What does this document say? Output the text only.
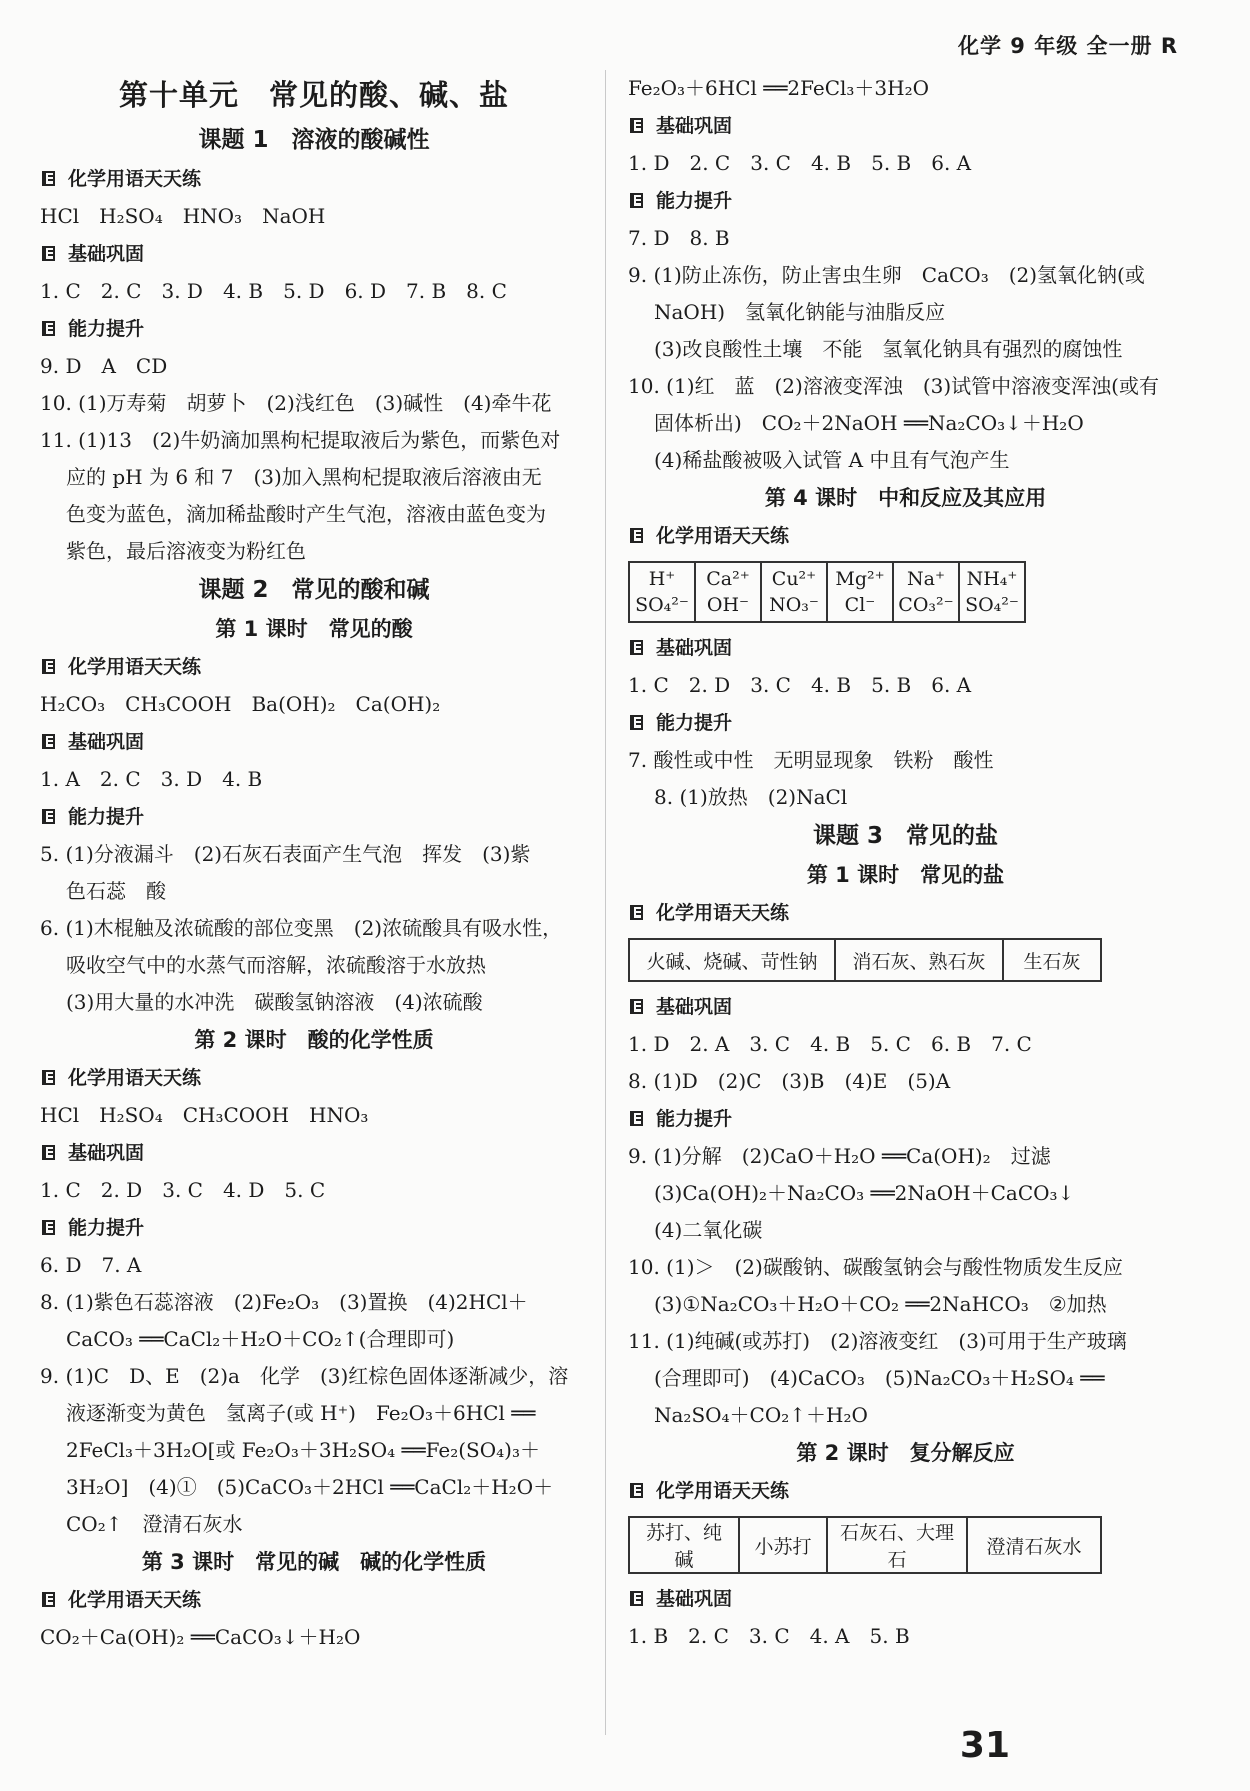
化学 9 年级 全一册 R
第十单元　常见的酸、碱、盐
课题 1　溶液的酸碱性
化学用语天天练
HCl　H₂SO₄　HNO₃　NaOH
基础巩固
1. C　2. C　3. D　4. B　5. D　6. D　7. B　8. C
能力提升
9. D　A　CD
10. (1)万寿菊　胡萝卜　(2)浅红色　(3)碱性　(4)牵牛花
11. (1)13　(2)牛奶滴加黑枸杞提取液后为紫色，而紫色对
应的 pH 为 6 和 7　(3)加入黑枸杞提取液后溶液由无
色变为蓝色，滴加稀盐酸时产生气泡，溶液由蓝色变为
紫色，最后溶液变为粉红色
课题 2　常见的酸和碱
第 1 课时　常见的酸
化学用语天天练
H₂CO₃　CH₃COOH　Ba(OH)₂　Ca(OH)₂
基础巩固
1. A　2. C　3. D　4. B
能力提升
5. (1)分液漏斗　(2)石灰石表面产生气泡　挥发　(3)紫
色石蕊　酸
6. (1)木棍触及浓硫酸的部位变黑　(2)浓硫酸具有吸水性，
吸收空气中的水蒸气而溶解，浓硫酸溶于水放热
(3)用大量的水冲洗　碳酸氢钠溶液　(4)浓硫酸
第 2 课时　酸的化学性质
化学用语天天练
HCl　H₂SO₄　CH₃COOH　HNO₃
基础巩固
1. C　2. D　3. C　4. D　5. C
能力提升
6. D　7. A
8. (1)紫色石蕊溶液　(2)Fe₂O₃　(3)置换　(4)2HCl＋
CaCO₃ ══CaCl₂＋H₂O＋CO₂↑(合理即可)
9. (1)C　D、E　(2)a　化学　(3)红棕色固体逐渐减少，溶
液逐渐变为黄色　氢离子(或 H⁺)　Fe₂O₃＋6HCl ══
2FeCl₃＋3H₂O[或 Fe₂O₃＋3H₂SO₄ ══Fe₂(SO₄)₃＋
3H₂O]　(4)①　(5)CaCO₃＋2HCl ══CaCl₂＋H₂O＋
CO₂↑　澄清石灰水
第 3 课时　常见的碱　碱的化学性质
化学用语天天练
CO₂＋Ca(OH)₂ ══CaCO₃↓＋H₂O
Fe₂O₃＋6HCl ══2FeCl₃＋3H₂O
基础巩固
1. D　2. C　3. C　4. B　5. B　6. A
能力提升
7. D　8. B
9. (1)防止冻伤，防止害虫生卵　CaCO₃　(2)氢氧化钠(或
NaOH)　氢氧化钠能与油脂反应
(3)改良酸性土壤　不能　氢氧化钠具有强烈的腐蚀性
10. (1)红　蓝　(2)溶液变浑浊　(3)试管中溶液变浑浊(或有
固体析出)　CO₂＋2NaOH ══Na₂CO₃↓＋H₂O
(4)稀盐酸被吸入试管 A 中且有气泡产生
第 4 课时　中和反应及其应用
化学用语天天练
H⁺
SO₄²⁻

Ca²⁺
OH⁻

Cu²⁺
NO₃⁻

Mg²⁺
Cl⁻

Na⁺
CO₃²⁻

NH₄⁺
SO₄²⁻
基础巩固
1. C　2. D　3. C　4. B　5. B　6. A
能力提升
7. 酸性或中性　无明显现象　铁粉　酸性
8. (1)放热　(2)NaCl
课题 3　常见的盐
第 1 课时　常见的盐
化学用语天天练
火碱、烧碱、苛性钠	消石灰、熟石灰	生石灰
基础巩固
1. D　2. A　3. C　4. B　5. C　6. B　7. C
8. (1)D　(2)C　(3)B　(4)E　(5)A
能力提升
9. (1)分解　(2)CaO＋H₂O ══Ca(OH)₂　过滤
(3)Ca(OH)₂＋Na₂CO₃ ══2NaOH＋CaCO₃↓
(4)二氧化碳
10. (1)＞　(2)碳酸钠、碳酸氢钠会与酸性物质发生反应
(3)①Na₂CO₃＋H₂O＋CO₂ ══2NaHCO₃　②加热
11. (1)纯碱(或苏打)　(2)溶液变红　(3)可用于生产玻璃
(合理即可)　(4)CaCO₃　(5)Na₂CO₃＋H₂SO₄ ══
Na₂SO₄＋CO₂↑＋H₂O
第 2 课时　复分解反应
化学用语天天练
苏打、纯碱	小苏打	石灰石、大理石	澄清石灰水
基础巩固
1. B　2. C　3. C　4. A　5. B
31
